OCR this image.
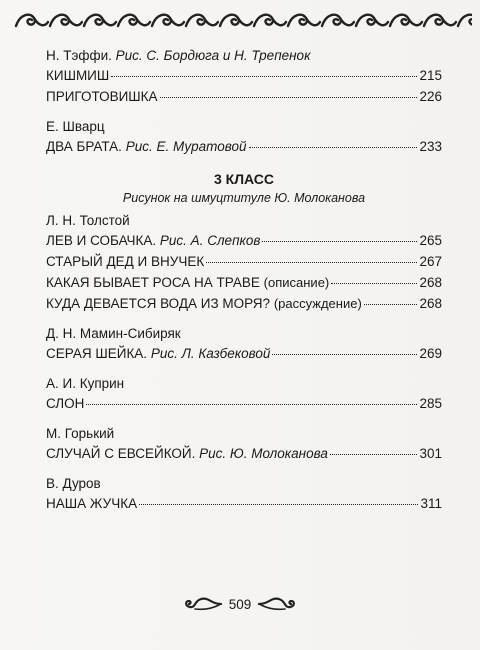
Н. Тэффи. Рис. С. Бордюга и Н. Трепенок
КИШМИШ	215
ПРИГОТОВИШКА	226
Е. Шварц
ДВА БРАТА. Рис. Е. Муратовой	233
3 КЛАСС
Рисунок на шмуцтитуле Ю. Молоканова
Л. Н. Толстой
ЛЕВ И СОБАЧКА. Рис. А. Слепков	265
СТАРЫЙ ДЕД И ВНУЧЕК	267
КАКАЯ БЫВАЕТ РОСА НА ТРАВЕ (описание)	268
КУДА ДЕВАЕТСЯ ВОДА ИЗ МОРЯ? (рассуждение)	268
Д. Н. Мамин-Сибиряк
СЕРАЯ ШЕЙКА. Рис. Л. Казбековой	269
А. И. Куприн
СЛОН	285
М. Горький
СЛУЧАЙ С ЕВСЕЙКОЙ. Рис. Ю. Молоканова	301
В. Дуров
НАША ЖУЧКА	311
509
